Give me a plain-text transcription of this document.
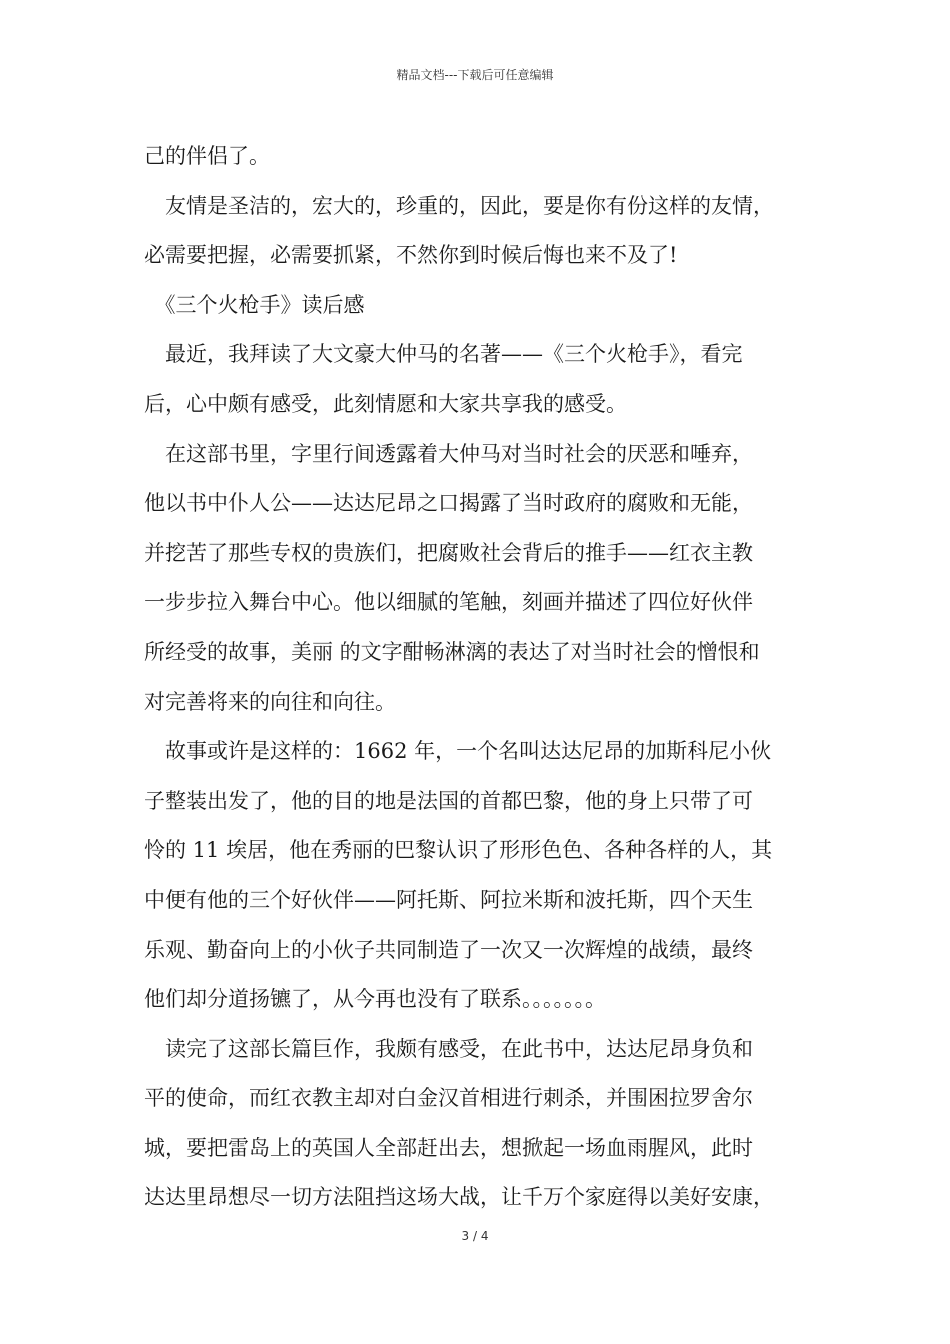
精品文档---下载后可任意编辑
己的伴侣了。
　友情是圣洁的，宏大的，珍重的，因此，要是你有份这样的友情，
必需要把握，必需要抓紧，不然你到时候后悔也来不及了!
　《三个火枪手》读后感
　最近，我拜读了大文豪大仲马的名著——《三个火枪手》，看完
后，心中颇有感受，此刻情愿和大家共享我的感受。
　在这部书里，字里行间透露着大仲马对当时社会的厌恶和唾弃，
他以书中仆人公——达达尼昂之口揭露了当时政府的腐败和无能，
并挖苦了那些专权的贵族们，把腐败社会背后的推手——红衣主教
一步步拉入舞台中心。他以细腻的笔触，刻画并描述了四位好伙伴
所经受的故事，美丽 的文字酣畅淋漓的表达了对当时社会的憎恨和
对完善将来的向往和向往。
　故事或许是这样的：1662 年，一个名叫达达尼昂的加斯科尼小伙
子整装出发了，他的目的地是法国的首都巴黎，他的身上只带了可
怜的 11 埃居，他在秀丽的巴黎认识了形形色色、各种各样的人，其
中便有他的三个好伙伴——阿托斯、阿拉米斯和波托斯，四个天生
乐观、勤奋向上的小伙子共同制造了一次又一次辉煌的战绩，最终
他们却分道扬镳了，从今再也没有了联系。。。。。。。
　读完了这部长篇巨作，我颇有感受，在此书中，达达尼昂身负和
平的使命，而红衣教主却对白金汉首相进行刺杀，并围困拉罗舍尔
城，要把雷岛上的英国人全部赶出去，想掀起一场血雨腥风，此时
达达里昂想尽一切方法阻挡这场大战，让千万个家庭得以美好安康，
3 / 4
